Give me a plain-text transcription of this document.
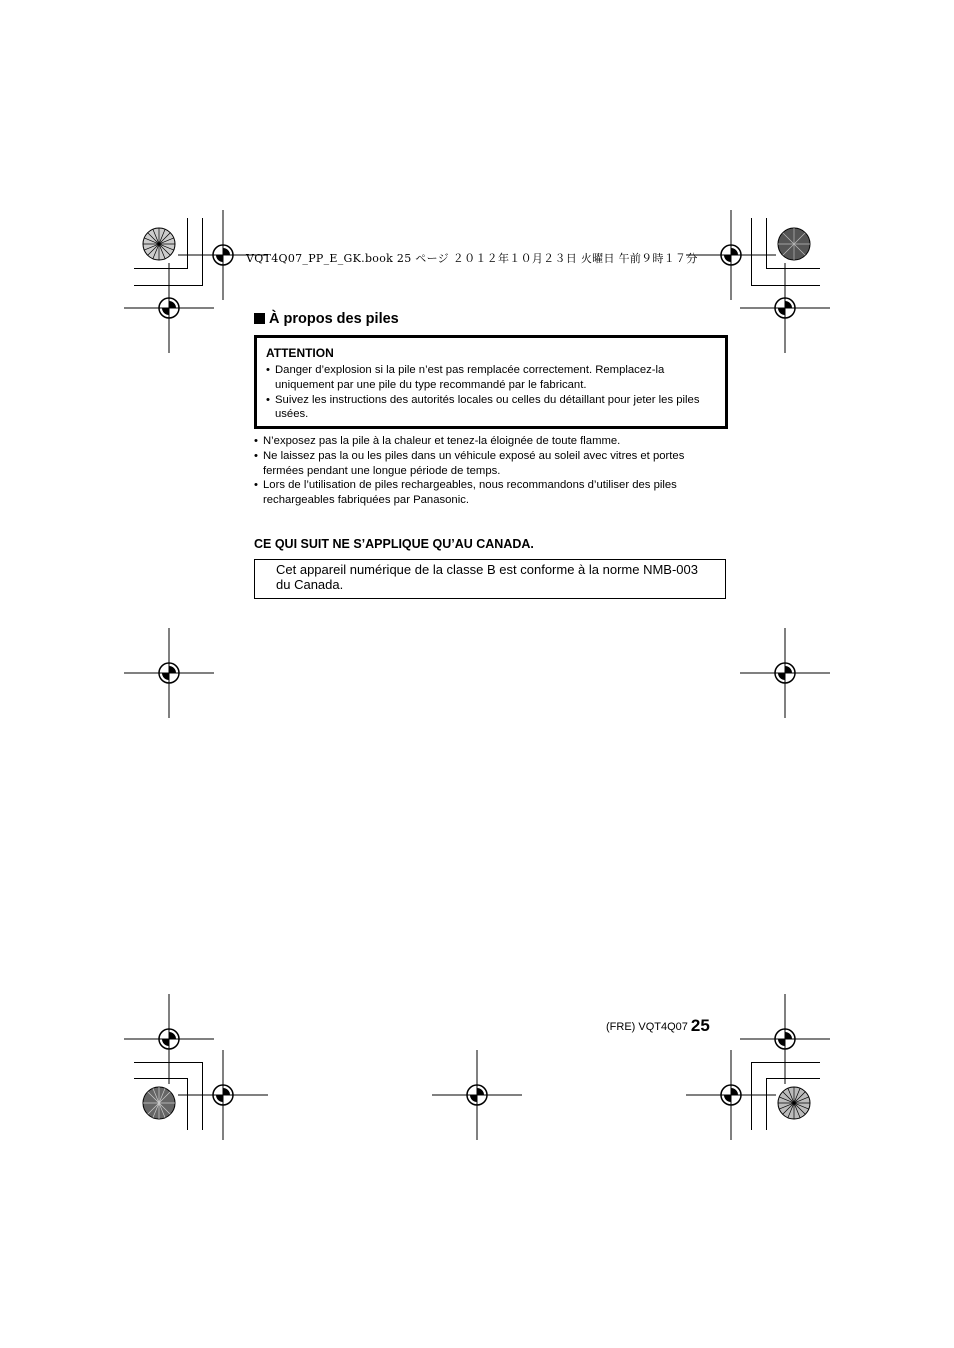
VQT4Q07_PP_E_GK.book 25 ページ ２０１２年１０月２３日 火曜日 午前９時１７分
À propos des piles
ATTENTION
• Danger d’explosion si la pile n’est pas remplacée correctement. Remplacez-la uniquement par une pile du type recommandé par le fabricant.
• Suivez les instructions des autorités locales ou celles du détaillant pour jeter les piles usées.
• N’exposez pas la pile à la chaleur et tenez-la éloignée de toute flamme.
• Ne laissez pas la ou les piles dans un véhicule exposé au soleil avec vitres et portes fermées pendant une longue période de temps.
• Lors de l’utilisation de piles rechargeables, nous recommandons d’utiliser des piles rechargeables fabriquées par Panasonic.
CE QUI SUIT NE S’APPLIQUE QU’AU CANADA.
Cet appareil numérique de la classe B est conforme à la norme NMB-003 du Canada.
(FRE) VQT4Q07 25
